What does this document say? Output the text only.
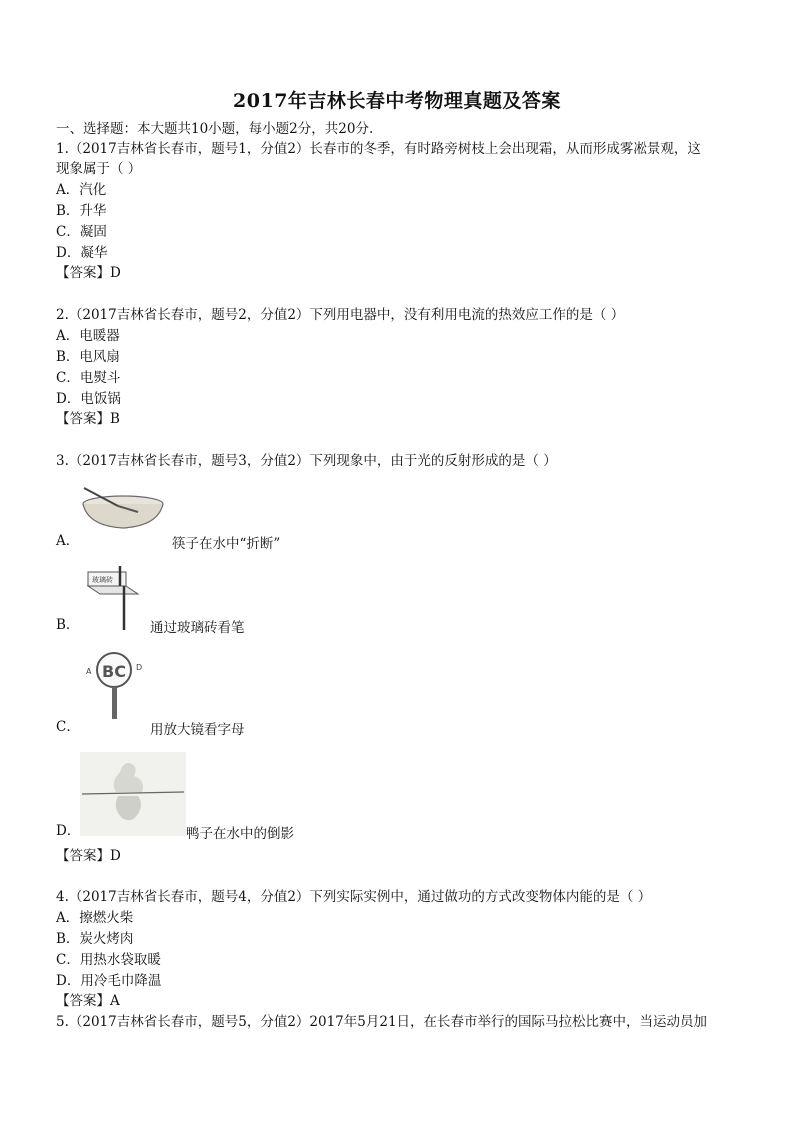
2017年吉林长春中考物理真题及答案
一、选择题：本大题共10小题，每小题2分，共20分.
1.（2017吉林省长春市，题号1，分值2）长春市的冬季，有时路旁树枝上会出现霜，从而形成雾凇景观，这
现象属于（ ）
A．汽化
B．升华
C．凝固
D．凝华
【答案】D
2.（2017吉林省长春市，题号2，分值2）下列用电器中，没有利用电流的热效应工作的是（ ）
A．电暖器
B．电风扇
C．电熨斗
D．电饭锅
【答案】B
3.（2017吉林省长春市，题号3，分值2）下列现象中，由于光的反射形成的是（ ）
A．	筷子在水中“折断”
玻璃砖
B．	通过玻璃砖看笔
A BC D
C．	用放大镜看字母
D．	鸭子在水中的倒影
【答案】D
4.（2017吉林省长春市，题号4，分值2）下列实际实例中，通过做功的方式改变物体内能的是（ ）
A．擦燃火柴
B．炭火烤肉
C．用热水袋取暖
D．用冷毛巾降温
【答案】A
5.（2017吉林省长春市，题号5，分值2）2017年5月21日，在长春市举行的国际马拉松比赛中，当运动员加
